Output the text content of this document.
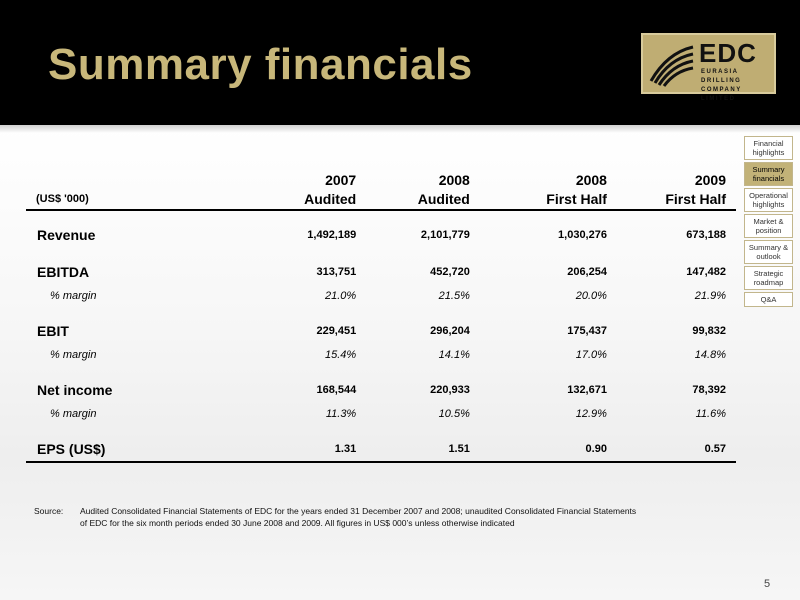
Summary financials	EDC
EURASIA DRILLING
COMPANY LIMITED
Financial highlights
Summary financials
Operational highlights
Market & position
Summary & outlook
Strategic roadmap
Q&A
	2007	2008	2008	2009
(US$ '000)	Audited	Audited	First Half	First Half

Revenue	1,492,189	2,101,779	1,030,276	673,188

EBITDA	313,751	452,720	206,254	147,482
% margin	21.0%	21.5%	20.0%	21.9%

EBIT	229,451	296,204	175,437	99,832
% margin	15.4%	14.1%	17.0%	14.8%

Net income	168,544	220,933	132,671	78,392
% margin	11.3%	10.5%	12.9%	11.6%

EPS (US$)	1.31	1.51	0.90	0.57
Source: Audited Consolidated Financial Statements of EDC for the years ended 31 December 2007 and 2008; unaudited Consolidated Financial Statements of EDC for the six month periods ended 30 June 2008 and 2009. All figures in US$ 000’s unless otherwise indicated
5
